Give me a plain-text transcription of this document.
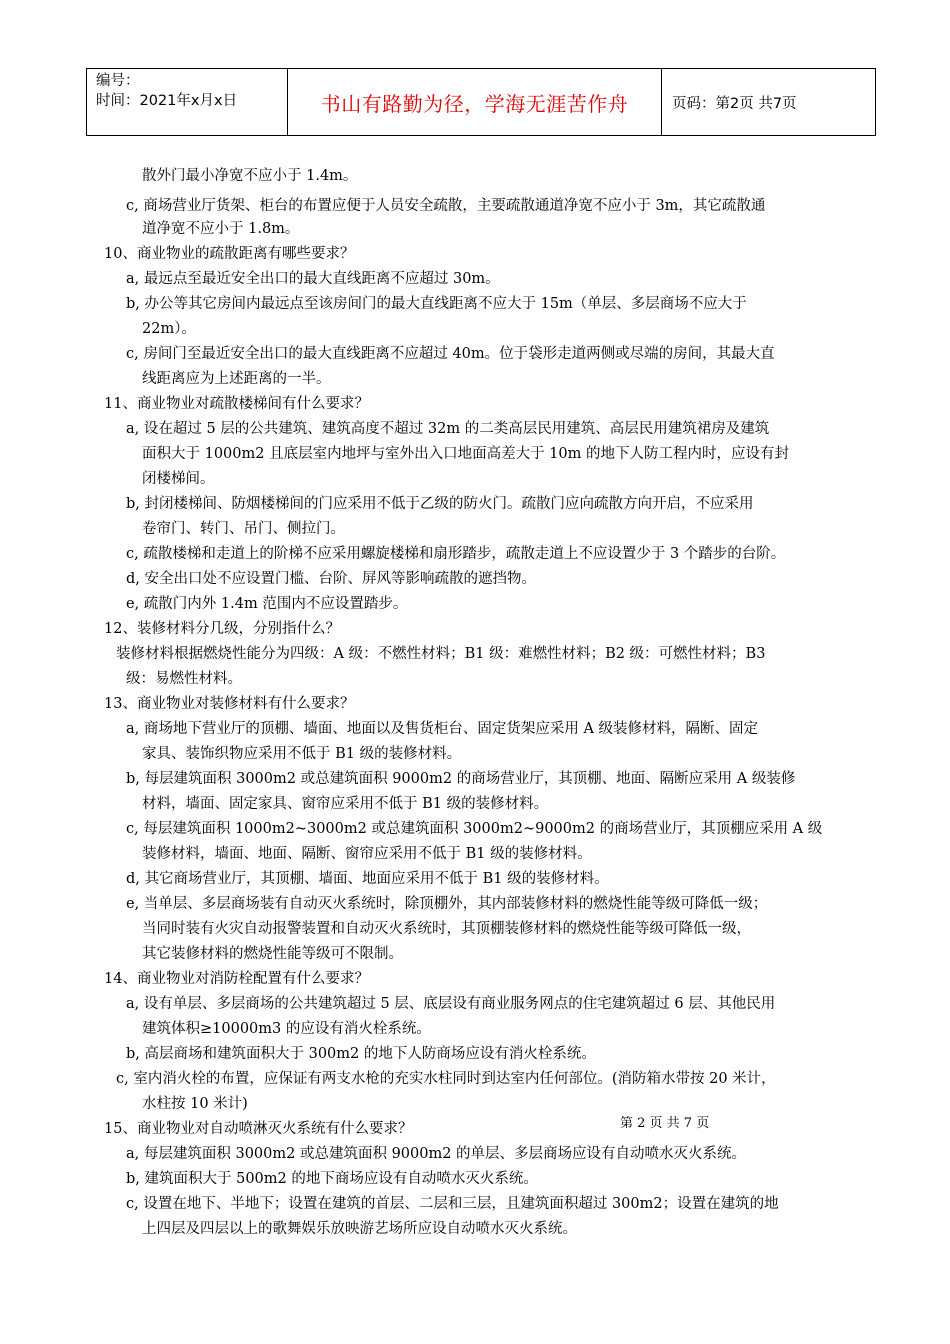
编号：
时间：2021年x月x日	书山有路勤为径，学海无涯苦作舟	页码：第2页 共7页
散外门最小净宽不应小于 1.4m。
c, 商场营业厅货架、柜台的布置应便于人员安全疏散，主要疏散通道净宽不应小于 3m，其它疏散通
道净宽不应小于 1.8m。
10、商业物业的疏散距离有哪些要求？
a, 最远点至最近安全出口的最大直线距离不应超过 30m。
b, 办公等其它房间内最远点至该房间门的最大直线距离不应大于 15m（单层、多层商场不应大于
22m）。
c, 房间门至最近安全出口的最大直线距离不应超过 40m。位于袋形走道两侧或尽端的房间，其最大直
线距离应为上述距离的一半。
11、商业物业对疏散楼梯间有什么要求？
a, 设在超过 5 层的公共建筑、建筑高度不超过 32m 的二类高层民用建筑、高层民用建筑裙房及建筑
面积大于 1000m2 且底层室内地坪与室外出入口地面高差大于 10m 的地下人防工程内时，应设有封
闭楼梯间。
b, 封闭楼梯间、防烟楼梯间的门应采用不低于乙级的防火门。疏散门应向疏散方向开启，不应采用
卷帘门、转门、吊门、侧拉门。
c, 疏散楼梯和走道上的阶梯不应采用螺旋楼梯和扇形踏步，疏散走道上不应设置少于 3 个踏步的台阶。
d, 安全出口处不应设置门槛、台阶、屏风等影响疏散的遮挡物。
e, 疏散门内外 1.4m 范围内不应设置踏步。
12、装修材料分几级，分别指什么？
装修材料根据燃烧性能分为四级：A 级：不燃性材料；B1 级：难燃性材料；B2 级：可燃性材料；B3
级：易燃性材料。
13、商业物业对装修材料有什么要求？
a, 商场地下营业厅的顶棚、墙面、地面以及售货柜台、固定货架应采用 A 级装修材料，隔断、固定
家具、装饰织物应采用不低于 B1 级的装修材料。
b, 每层建筑面积 3000m2 或总建筑面积 9000m2 的商场营业厅，其顶棚、地面、隔断应采用 A 级装修
材料，墙面、固定家具、窗帘应采用不低于 B1 级的装修材料。
c, 每层建筑面积 1000m2~3000m2 或总建筑面积 3000m2~9000m2 的商场营业厅，其顶棚应采用 A 级
装修材料，墙面、地面、隔断、窗帘应采用不低于 B1 级的装修材料。
d, 其它商场营业厅，其顶棚、墙面、地面应采用不低于 B1 级的装修材料。
e, 当单层、多层商场装有自动灭火系统时，除顶棚外，其内部装修材料的燃烧性能等级可降低一级；
当同时装有火灾自动报警装置和自动灭火系统时，其顶棚装修材料的燃烧性能等级可降低一级，
其它装修材料的燃烧性能等级可不限制。
14、商业物业对消防栓配置有什么要求？
a, 设有单层、多层商场的公共建筑超过 5 层、底层设有商业服务网点的住宅建筑超过 6 层、其他民用
建筑体积≥10000m3 的应设有消火栓系统。
b, 高层商场和建筑面积大于 300m2 的地下人防商场应设有消火栓系统。
c, 室内消火栓的布置，应保证有两支水枪的充实水柱同时到达室内任何部位。(消防箱水带按 20 米计，
水柱按 10 米计)
15、商业物业对自动喷淋灭火系统有什么要求？
a, 每层建筑面积 3000m2 或总建筑面积 9000m2 的单层、多层商场应设有自动喷水灭火系统。
b, 建筑面积大于 500m2 的地下商场应设有自动喷水灭火系统。
c, 设置在地下、半地下；设置在建筑的首层、二层和三层，且建筑面积超过 300m2；设置在建筑的地
上四层及四层以上的歌舞娱乐放映游艺场所应设自动喷水灭火系统。
第 2 页 共 7 页
